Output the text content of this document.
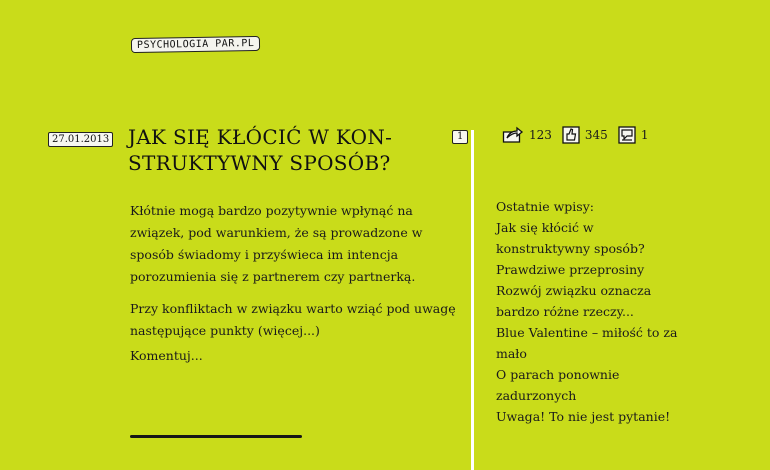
PSYCHOLOGIA PAR.PL
27.01.2013 JAK SIĘ KŁÓCIĆ W KON- STRUKTYWNY SPOSÓB?

Kłótnie mogą bardzo pozytywnie wpłynąć na związek, pod warunkiem, że są prowadzone w sposób świadomy i przyświeca im intencja porozumienia się z partnerem czy partnerką.

Przy konfliktach w związku warto wziąć pod uwagę następujące punkty (więcej...)

Komentuj...
1	123	345	1

Ostatnie wpisy:

Jak się kłócić w konstruktywny sposób?
Prawdziwe przeprosiny
Rozwój związku oznacza bardzo różne rzeczy...
Blue Valentine – miłość to za mało
O parach ponownie zadurzonych
Uwaga! To nie jest pytanie!
